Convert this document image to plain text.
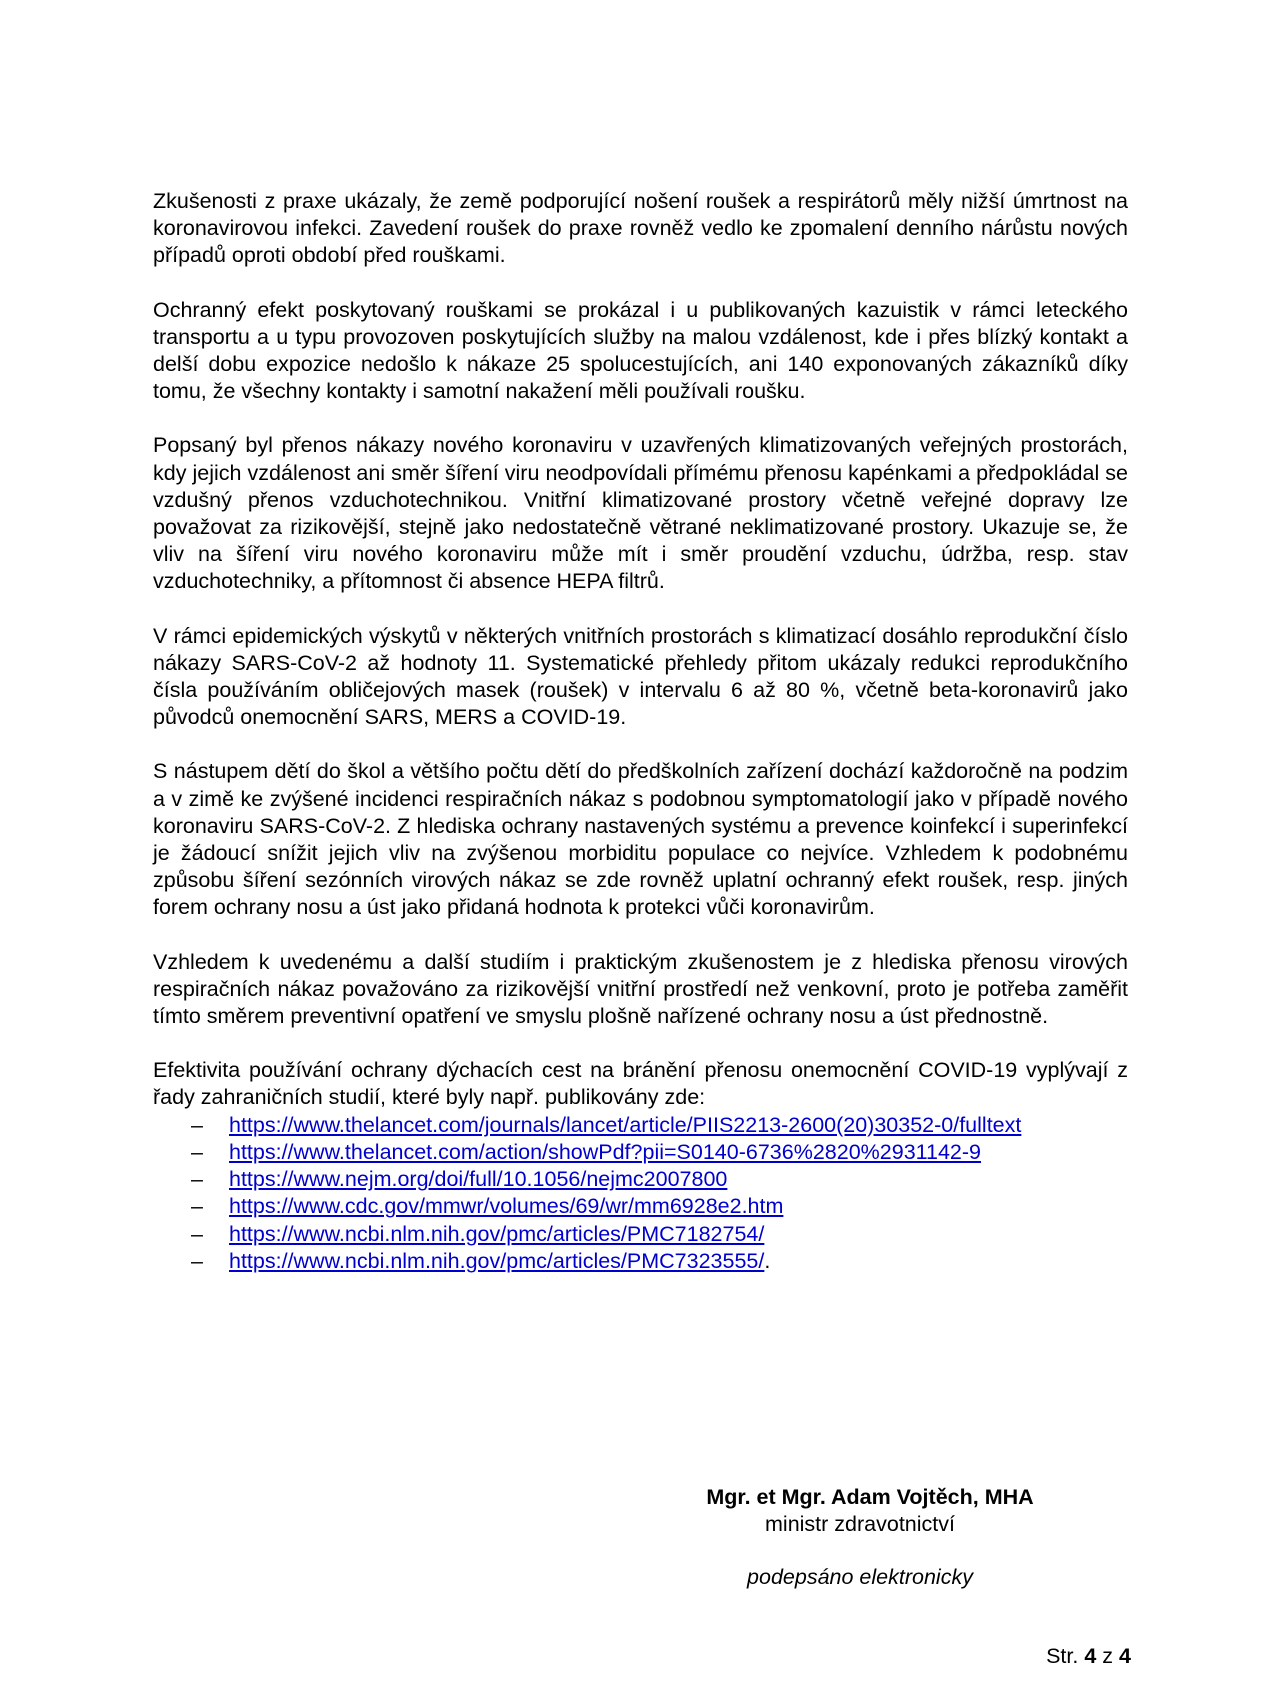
Zkušenosti z praxe ukázaly, že země podporující nošení roušek a respirátorů měly nižší úmrtnost na koronavirovou infekci. Zavedení roušek do praxe rovněž vedlo ke zpomalení denního nárůstu nových případů oproti období před rouškami.

Ochranný efekt poskytovaný rouškami se prokázal i u publikovaných kazuistik v rámci leteckého transportu a u typu provozoven poskytujících služby na malou vzdálenost, kde i přes blízký kontakt a delší dobu expozice nedošlo k nákaze 25 spolucestujících, ani 140 exponovaných zákazníků díky tomu, že všechny kontakty i samotní nakažení měli používali roušku.

Popsaný byl přenos nákazy nového koronaviru v uzavřených klimatizovaných veřejných prostorách, kdy jejich vzdálenost ani směr šíření viru neodpovídali přímému přenosu kapénkami a předpokládal se vzdušný přenos vzduchotechnikou. Vnitřní klimatizované prostory včetně veřejné dopravy lze považovat za rizikovější, stejně jako nedostatečně větrané neklimatizované prostory. Ukazuje se, že vliv na šíření viru nového koronaviru může mít i směr proudění vzduchu, údržba, resp. stav vzduchotechniky, a přítomnost či absence HEPA filtrů.

V rámci epidemických výskytů v některých vnitřních prostorách s klimatizací dosáhlo reprodukční číslo nákazy SARS-CoV-2 až hodnoty 11. Systematické přehledy přitom ukázaly redukci reprodukčního čísla používáním obličejových masek (roušek) v intervalu 6 až 80 %, včetně beta-koronavirů jako původců onemocnění SARS, MERS a COVID-19.

S nástupem dětí do škol a většího počtu dětí do předškolních zařízení dochází každoročně na podzim a v zimě ke zvýšené incidenci respiračních nákaz s podobnou symptomatologií jako v případě nového koronaviru SARS-CoV-2. Z hlediska ochrany nastavených systému a prevence koinfekcí i superinfekcí je žádoucí snížit jejich vliv na zvýšenou morbiditu populace co nejvíce. Vzhledem k podobnému způsobu šíření sezónních virových nákaz se zde rovněž uplatní ochranný efekt roušek, resp. jiných forem ochrany nosu a úst jako přidaná hodnota k protekci vůči koronavirům.

Vzhledem k uvedenému a další studiím i praktickým zkušenostem je z hlediska přenosu virových respiračních nákaz považováno za rizikovější vnitřní prostředí než venkovní, proto je potřeba zaměřit tímto směrem preventivní opatření ve smyslu plošně nařízené ochrany nosu a úst přednostně.

Efektivita používání ochrany dýchacích cest na bránění přenosu onemocnění COVID-19 vyplývají z řady zahraničních studií, které byly např. publikovány zde:

– https://www.thelancet.com/journals/lancet/article/PIIS2213-2600(20)30352-0/fulltext
– https://www.thelancet.com/action/showPdf?pii=S0140-6736%2820%2931142-9
– https://www.nejm.org/doi/full/10.1056/nejmc2007800
– https://www.cdc.gov/mmwr/volumes/69/wr/mm6928e2.htm
– https://www.ncbi.nlm.nih.gov/pmc/articles/PMC7182754/
– https://www.ncbi.nlm.nih.gov/pmc/articles/PMC7323555/.
Mgr. et Mgr. Adam Vojtěch, MHA
ministr zdravotnictví
podepsáno elektronicky
Str. 4 z 4
